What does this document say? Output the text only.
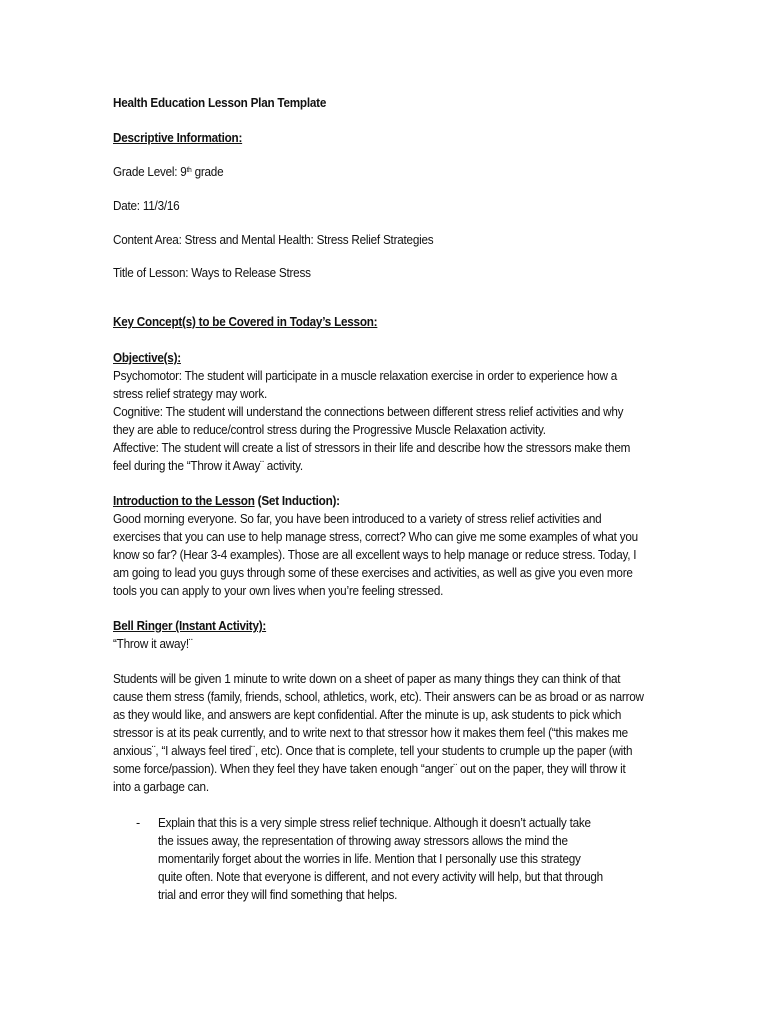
Health Education Lesson Plan Template
Descriptive Information:
Grade Level: 9th grade
Date: 11/3/16
Content Area: Stress and Mental Health: Stress Relief Strategies
Title of Lesson: Ways to Release Stress
Key Concept(s) to be Covered in Today’s Lesson:
Objective(s):
Psychomotor: The student will participate in a muscle relaxation exercise in order to experience how a
stress relief strategy may work.
Cognitive: The student will understand the connections between different stress relief activities and why
they are able to reduce/control stress during the Progressive Muscle Relaxation activity.
Affective: The student will create a list of stressors in their life and describe how the stressors make them
feel during the “Throw it Away¨ activity.
Introduction to the Lesson (Set Induction):
Good morning everyone. So far, you have been introduced to a variety of stress relief activities and
exercises that you can use to help manage stress, correct? Who can give me some examples of what you
know so far? (Hear 3-4 examples). Those are all excellent ways to help manage or reduce stress. Today, I
am going to lead you guys through some of these exercises and activities, as well as give you even more
tools you can apply to your own lives when you’re feeling stressed.
Bell Ringer (Instant Activity):
“Throw it away!¨
Students will be given 1 minute to write down on a sheet of paper as many things they can think of that
cause them stress (family, friends, school, athletics, work, etc). Their answers can be as broad or as narrow
as they would like, and answers are kept confidential. After the minute is up, ask students to pick which
stressor is at its peak currently, and to write next to that stressor how it makes them feel (“this makes me
anxious¨, “I always feel tired¨, etc). Once that is complete, tell your students to crumple up the paper (with
some force/passion). When they feel they have taken enough “anger¨ out on the paper, they will throw it
into a garbage can.
- Explain that this is a very simple stress relief technique. Although it doesn’t actually take
the issues away, the representation of throwing away stressors allows the mind the
momentarily forget about the worries in life. Mention that I personally use this strategy
quite often. Note that everyone is different, and not every activity will help, but that through
trial and error they will find something that helps.
